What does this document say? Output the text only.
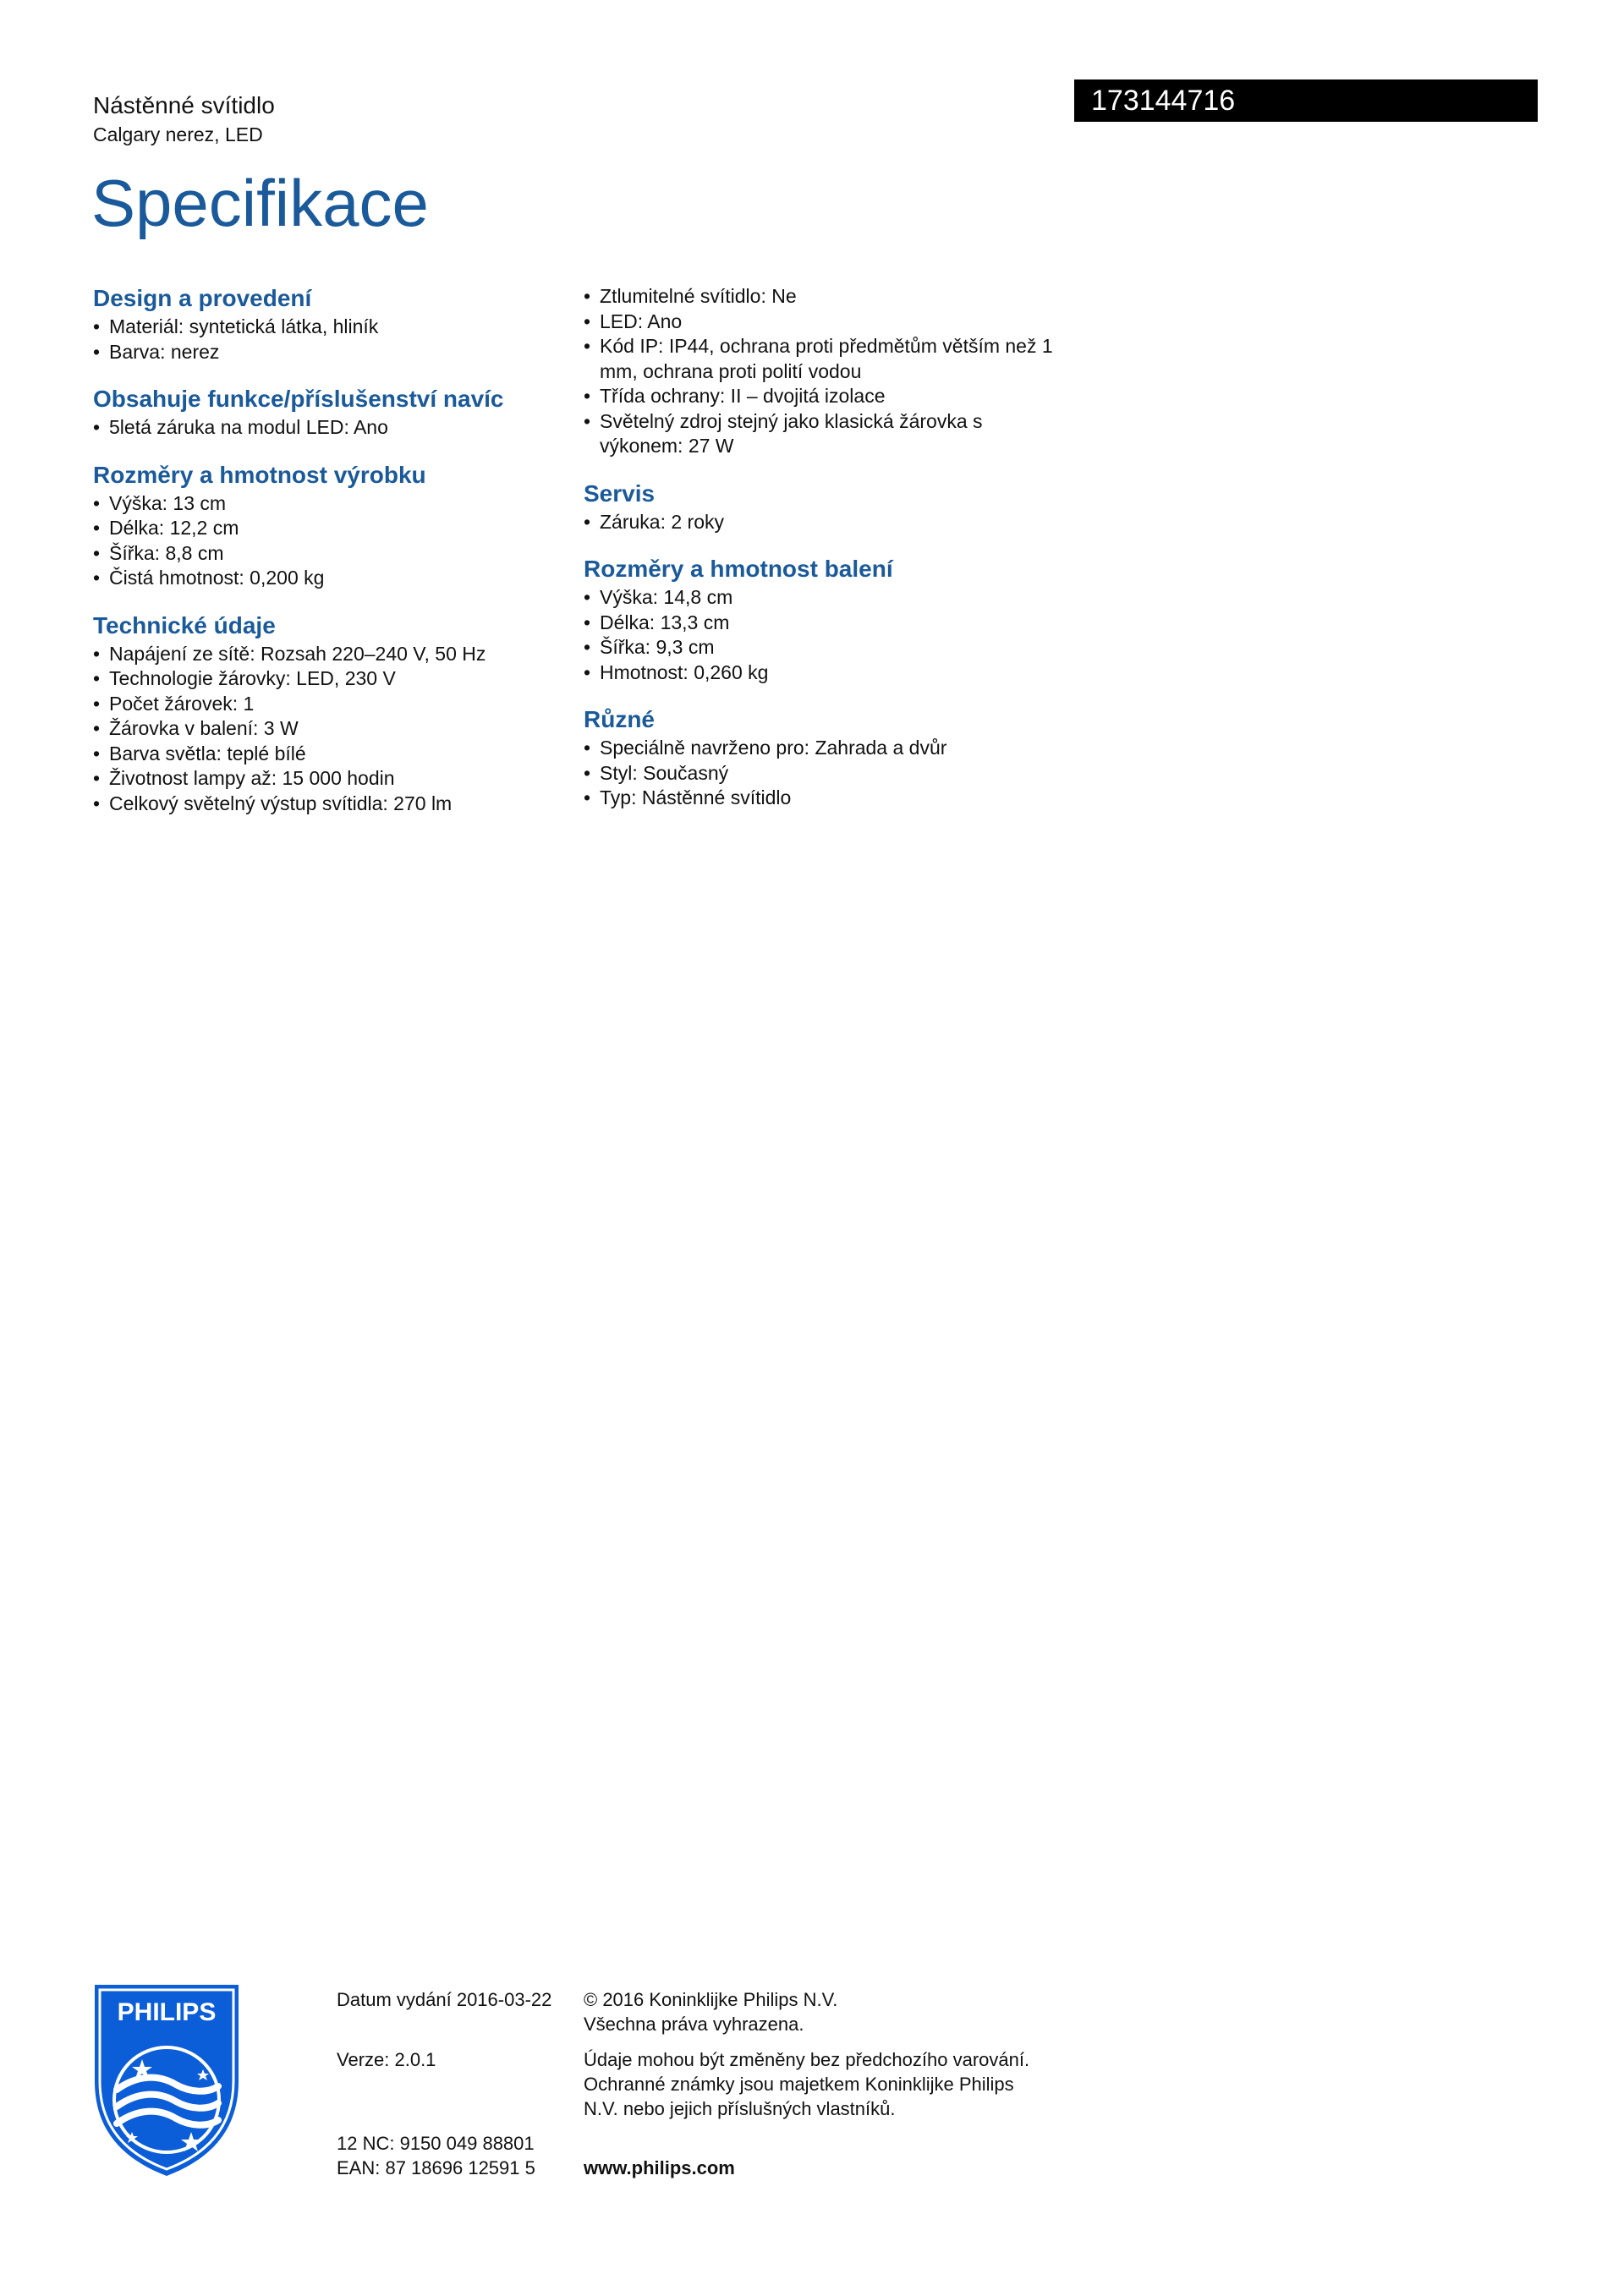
Nástěnné svítidlo
Calgary nerez, LED
173144716
Specifikace
Design a provedení
• Materiál: syntetická látka, hliník
• Barva: nerez
Obsahuje funkce/příslušenství navíc
• 5letá záruka na modul LED: Ano
Rozměry a hmotnost výrobku
• Výška: 13 cm
• Délka: 12,2 cm
• Šířka: 8,8 cm
• Čistá hmotnost: 0,200 kg
Technické údaje
• Napájení ze sítě: Rozsah 220–240 V, 50 Hz
• Technologie žárovky: LED, 230 V
• Počet žárovek: 1
• Žárovka v balení: 3 W
• Barva světla: teplé bílé
• Životnost lampy až: 15 000 hodin
• Celkový světelný výstup svítidla: 270 lm
• Ztlumitelné svítidlo: Ne
• LED: Ano
• Kód IP: IP44, ochrana proti předmětům větším než 1 mm, ochrana proti polití vodou
• Třída ochrany: II – dvojitá izolace
• Světelný zdroj stejný jako klasická žárovka s výkonem: 27 W
Servis
• Záruka: 2 roky
Rozměry a hmotnost balení
• Výška: 14,8 cm
• Délka: 13,3 cm
• Šířka: 9,3 cm
• Hmotnost: 0,260 kg
Různé
• Speciálně navrženo pro: Zahrada a dvůr
• Styl: Současný
• Typ: Nástěnné svítidlo
PHILIPS	Datum vydání 2016-03-22
Verze: 2.0.1
12 NC: 9150 049 88801
EAN: 87 18696 12591 5
© 2016 Koninklijke Philips N.V.
Všechna práva vyhrazena.
Údaje mohou být změněny bez předchozího varování.
Ochranné známky jsou majetkem Koninklijke Philips
N.V. nebo jejich příslušných vlastníků.
www.philips.com
